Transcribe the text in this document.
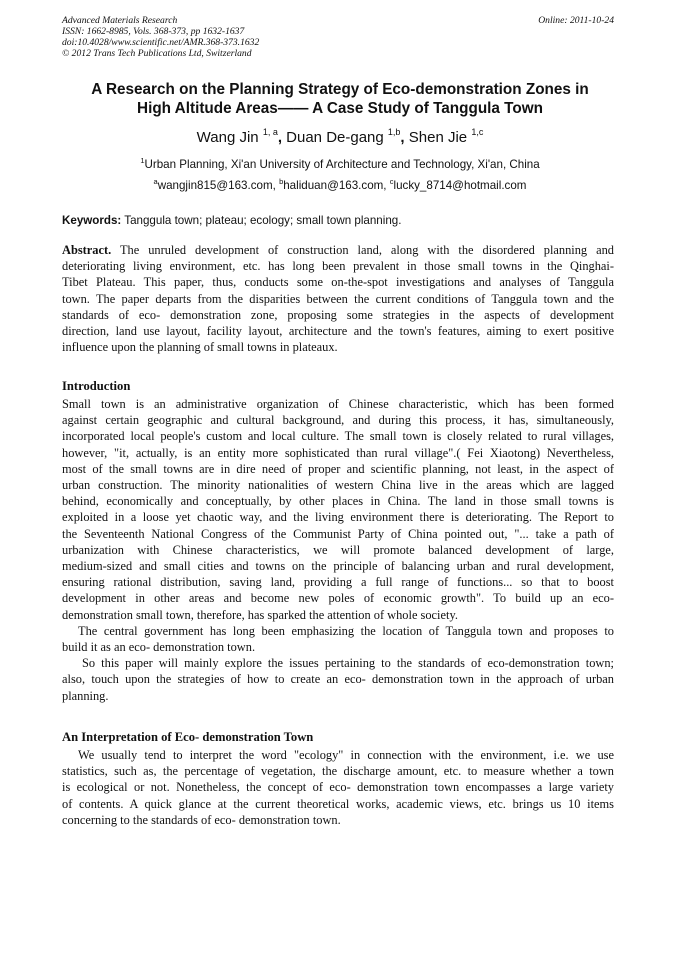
Advanced Materials Research
ISSN: 1662-8985, Vols. 368-373, pp 1632-1637
doi:10.4028/www.scientific.net/AMR.368-373.1632
© 2012 Trans Tech Publications Ltd, Switzerland
Online: 2011-10-24
A Research on the Planning Strategy of Eco-demonstration Zones in
High Altitude Areas—— A Case Study of Tanggula Town
Wang Jin $^{1, a}$, Duan De-gang $^{1,b}$, Shen Jie $^{1,c}$
$^1$Urban Planning, Xi'an University of Architecture and Technology, Xi'an, China
$^a$wangjin815@163.com, $^b$haliduan@163.com, $^c$lucky_8714@hotmail.com
Keywords: Tanggula town; plateau; ecology; small town planning.
Abstract. The unruled development of construction land, along with the disordered planning and
deteriorating living environment, etc. has long been prevalent in those small towns in the Qinghai-
Tibet Plateau. This paper, thus, conducts some on-the-spot investigations and analyses of Tanggula
town. The paper departs from the disparities between the current conditions of Tanggula town and the
standards of eco- demonstration zone, proposing some strategies in the aspects of development
direction, land use layout, facility layout, architecture and the town's features, aiming to exert positive
influence upon the planning of small towns in plateaux.
Introduction
Small town is an administrative organization of Chinese characteristic, which has been formed
against certain geographic and cultural background, and during this process, it has, simultaneously,
incorporated local people's custom and local culture. The small town is closely related to rural villages,
however, "it, actually, is an entity more sophisticated than rural village".( Fei Xiaotong) Nevertheless,
most of the small towns are in dire need of proper and scientific planning, not least, in the aspect of
urban construction. The minority nationalities of western China live in the areas which are lagged
behind, economically and conceptually, by other places in China. The land in those small towns is
exploited in a loose yet chaotic way, and the living environment there is deteriorating. The Report to
the Seventeenth National Congress of the Communist Party of China pointed out, "... take a path of
urbanization with Chinese characteristics, we will promote balanced development of large,
medium-sized and small cities and towns on the principle of balancing urban and rural development,
ensuring rational distribution, saving land, providing a full range of functions... so that to boost
development in other areas and become new poles of economic growth". To build up an eco-
demonstration small town, therefore, has sparked the attention of whole society.
The central government has long been emphasizing the location of Tanggula town and proposes to
build it as an eco- demonstration town.
So this paper will mainly explore the issues pertaining to the standards of eco-demonstration town;
also, touch upon the strategies of how to create an eco- demonstration town in the approach of urban
planning.
An Interpretation of Eco- demonstration Town
We usually tend to interpret the word "ecology" in connection with the environment, i.e. we use
statistics, such as, the percentage of vegetation, the discharge amount, etc. to measure whether a town
is ecological or not. Nonetheless, the concept of eco- demonstration town encompasses a large variety
of contents. A quick glance at the current theoretical works, academic views, etc. brings us 10 items
concerning to the standards of eco- demonstration town.
